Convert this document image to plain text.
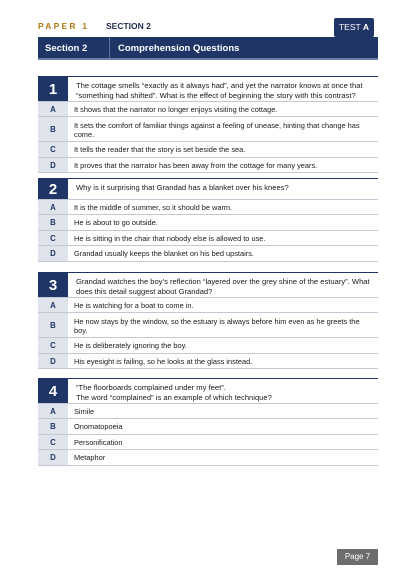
PAPER 1 SECTION 2	TEST A
Section 2	Comprehension Questions
1	The cottage smells “exactly as it always had”, and yet the narrator knows at once that “something had shifted”. What is the effect of beginning the story with this contrast?
A	It shows that the narrator no longer enjoys visiting the cottage.
B	It sets the comfort of familiar things against a feeling of unease, hinting that change has come.
C	It tells the reader that the story is set beside the sea.
D	It proves that the narrator has been away from the cottage for many years.
2	Why is it surprising that Grandad has a blanket over his knees?
A	It is the middle of summer, so it should be warm.
B	He is about to go outside.
C	He is sitting in the chair that nobody else is allowed to use.
D	Grandad usually keeps the blanket on his bed upstairs.
3	Grandad watches the boy’s reflection “layered over the grey shine of the estuary”. What does this detail suggest about Grandad?
A	He is watching for a boat to come in.
B	He now stays by the window, so the estuary is always before him even as he greets the boy.
C	He is deliberately ignoring the boy.
D	His eyesight is failing, so he looks at the glass instead.
4	“The floorboards complained under my feet”.
The word “complained” is an example of which technique?
A	Simile
B	Onomatopoeia
C	Personification
D	Metaphor
Page 7
